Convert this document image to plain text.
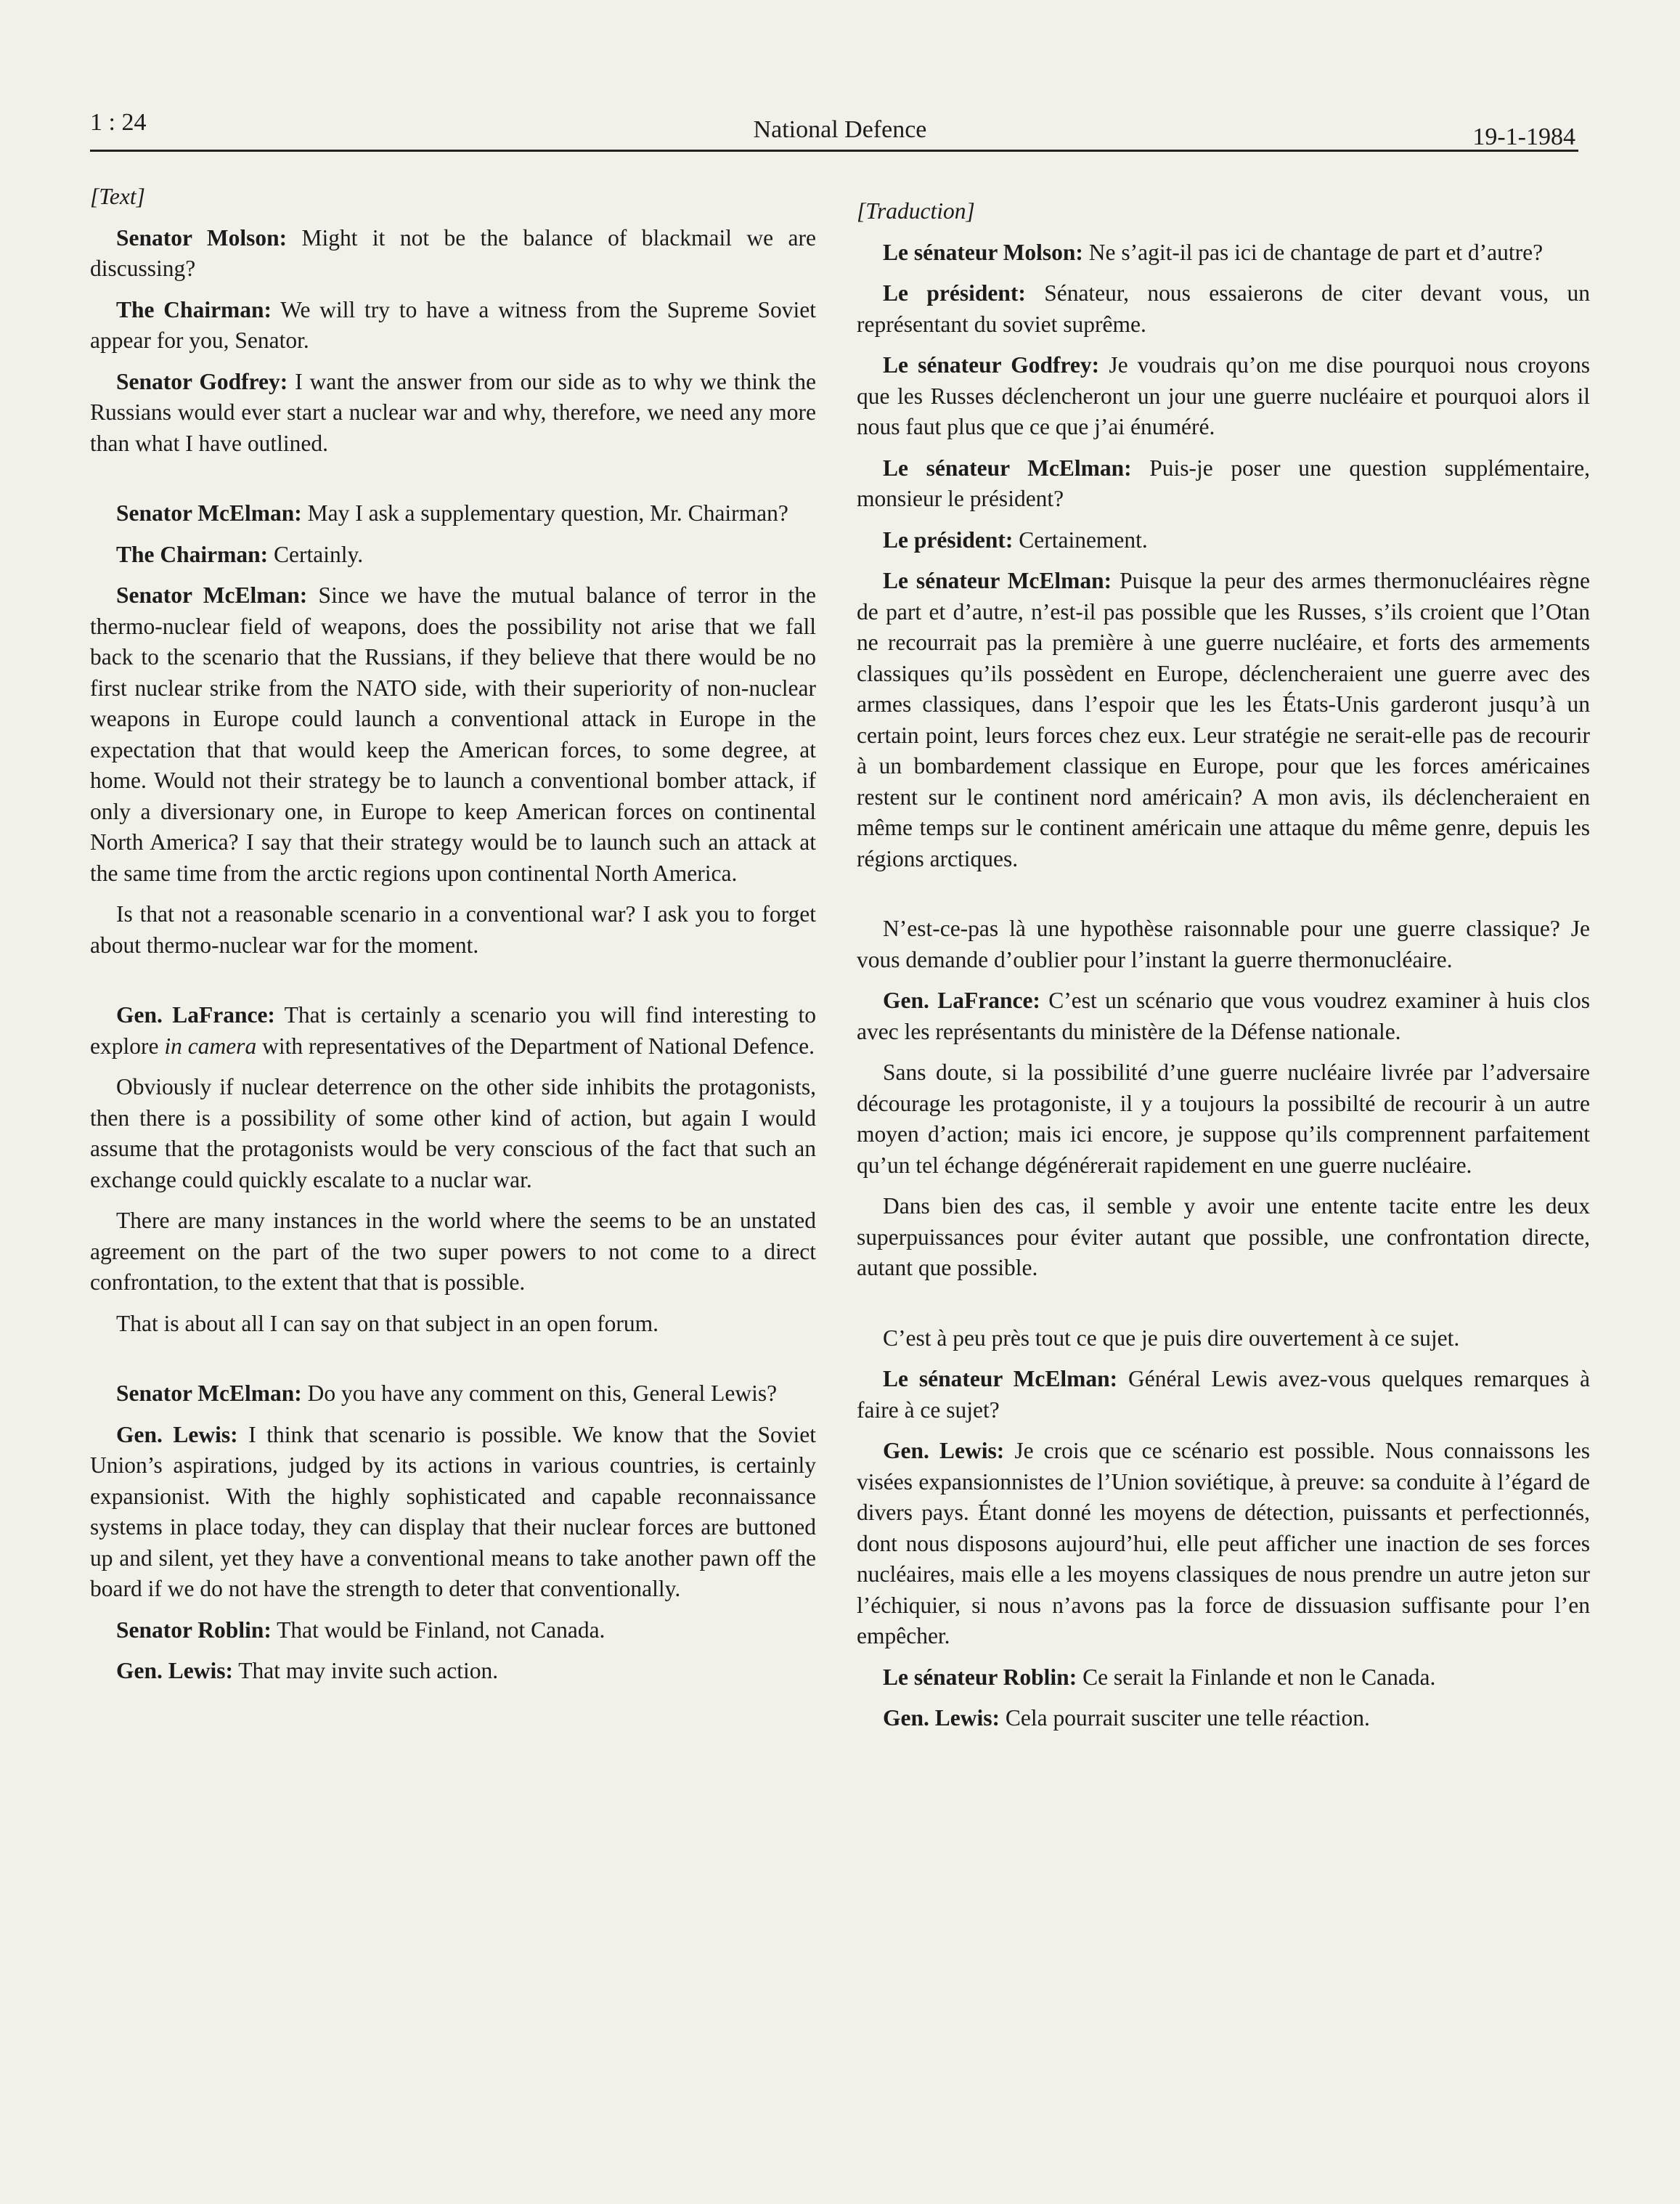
1 : 24	National Defence	19-1-1984

[Text]

Senator Molson: Might it not be the balance of blackmail we are discussing?

The Chairman: We will try to have a witness from the Supreme Soviet appear for you, Senator.

Senator Godfrey: I want the answer from our side as to why we think the Russians would ever start a nuclear war and why, therefore, we need any more than what I have outlined.

Senator McElman: May I ask a supplementary question, Mr. Chairman?

The Chairman: Certainly.

Senator McElman: Since we have the mutual balance of terror in the thermo-nuclear field of weapons, does the possibility not arise that we fall back to the scenario that the Russians, if they believe that there would be no first nuclear strike from the NATO side, with their superiority of non-nuclear weapons in Europe could launch a conventional attack in Europe in the expectation that that would keep the American forces, to some degree, at home. Would not their strategy be to launch a conventional bomber attack, if only a diversionary one, in Europe to keep American forces on continental North America? I say that their strategy would be to launch such an attack at the same time from the arctic regions upon continental North America.

Is that not a reasonable scenario in a conventional war? I ask you to forget about thermo-nuclear war for the moment.

Gen. LaFrance: That is certainly a scenario you will find interesting to explore in camera with representatives of the Department of National Defence.

Obviously if nuclear deterrence on the other side inhibits the protagonists, then there is a possibility of some other kind of action, but again I would assume that the protagonists would be very conscious of the fact that such an exchange could quickly escalate to a nuclar war.

There are many instances in the world where the seems to be an unstated agreement on the part of the two super powers to not come to a direct confrontation, to the extent that that is possible.

That is about all I can say on that subject in an open forum.

Senator McElman: Do you have any comment on this, General Lewis?

Gen. Lewis: I think that scenario is possible. We know that the Soviet Union’s aspirations, judged by its actions in various countries, is certainly expansionist. With the highly sophisticated and capable reconnaissance systems in place today, they can display that their nuclear forces are buttoned up and silent, yet they have a conventional means to take another pawn off the board if we do not have the strength to deter that conventionally.

Senator Roblin: That would be Finland, not Canada.

Gen. Lewis: That may invite such action.

[Traduction]

Le sénateur Molson: Ne s’agit-il pas ici de chantage de part et d’autre?

Le président: Sénateur, nous essaierons de citer devant vous, un représentant du soviet suprême.

Le sénateur Godfrey: Je voudrais qu’on me dise pourquoi nous croyons que les Russes déclencheront un jour une guerre nucléaire et pourquoi alors il nous faut plus que ce que j’ai énuméré.

Le sénateur McElman: Puis-je poser une question supplémentaire, monsieur le président?

Le président: Certainement.

Le sénateur McElman: Puisque la peur des armes thermonucléaires règne de part et d’autre, n’est-il pas possible que les Russes, s’ils croient que l’Otan ne recourrait pas la première à une guerre nucléaire, et forts des armements classiques qu’ils possèdent en Europe, déclencheraient une guerre avec des armes classiques, dans l’espoir que les les États-Unis garderont jusqu’à un certain point, leurs forces chez eux. Leur stratégie ne serait-elle pas de recourir à un bombardement classique en Europe, pour que les forces américaines restent sur le continent nord américain? A mon avis, ils déclencheraient en même temps sur le continent américain une attaque du même genre, depuis les régions arctiques.

N’est-ce-pas là une hypothèse raisonnable pour une guerre classique? Je vous demande d’oublier pour l’instant la guerre thermonucléaire.

Gen. LaFrance: C’est un scénario que vous voudrez examiner à huis clos avec les représentants du ministère de la Défense nationale.

Sans doute, si la possibilité d’une guerre nucléaire livrée par l’adversaire décourage les protagoniste, il y a toujours la possibilté de recourir à un autre moyen d’action; mais ici encore, je suppose qu’ils comprennent parfaitement qu’un tel échange dégénérerait rapidement en une guerre nucléaire.

Dans bien des cas, il semble y avoir une entente tacite entre les deux superpuissances pour éviter autant que possible, une confrontation directe, autant que possible.

C’est à peu près tout ce que je puis dire ouvertement à ce sujet.

Le sénateur McElman: Général Lewis avez-vous quelques remarques à faire à ce sujet?

Gen. Lewis: Je crois que ce scénario est possible. Nous connaissons les visées expansionnistes de l’Union soviétique, à preuve: sa conduite à l’égard de divers pays. Étant donné les moyens de détection, puissants et perfectionnés, dont nous disposons aujourd’hui, elle peut afficher une inaction de ses forces nucléaires, mais elle a les moyens classiques de nous prendre un autre jeton sur l’échiquier, si nous n’avons pas la force de dissuasion suffisante pour l’en empêcher.

Le sénateur Roblin: Ce serait la Finlande et non le Canada.

Gen. Lewis: Cela pourrait susciter une telle réaction.
